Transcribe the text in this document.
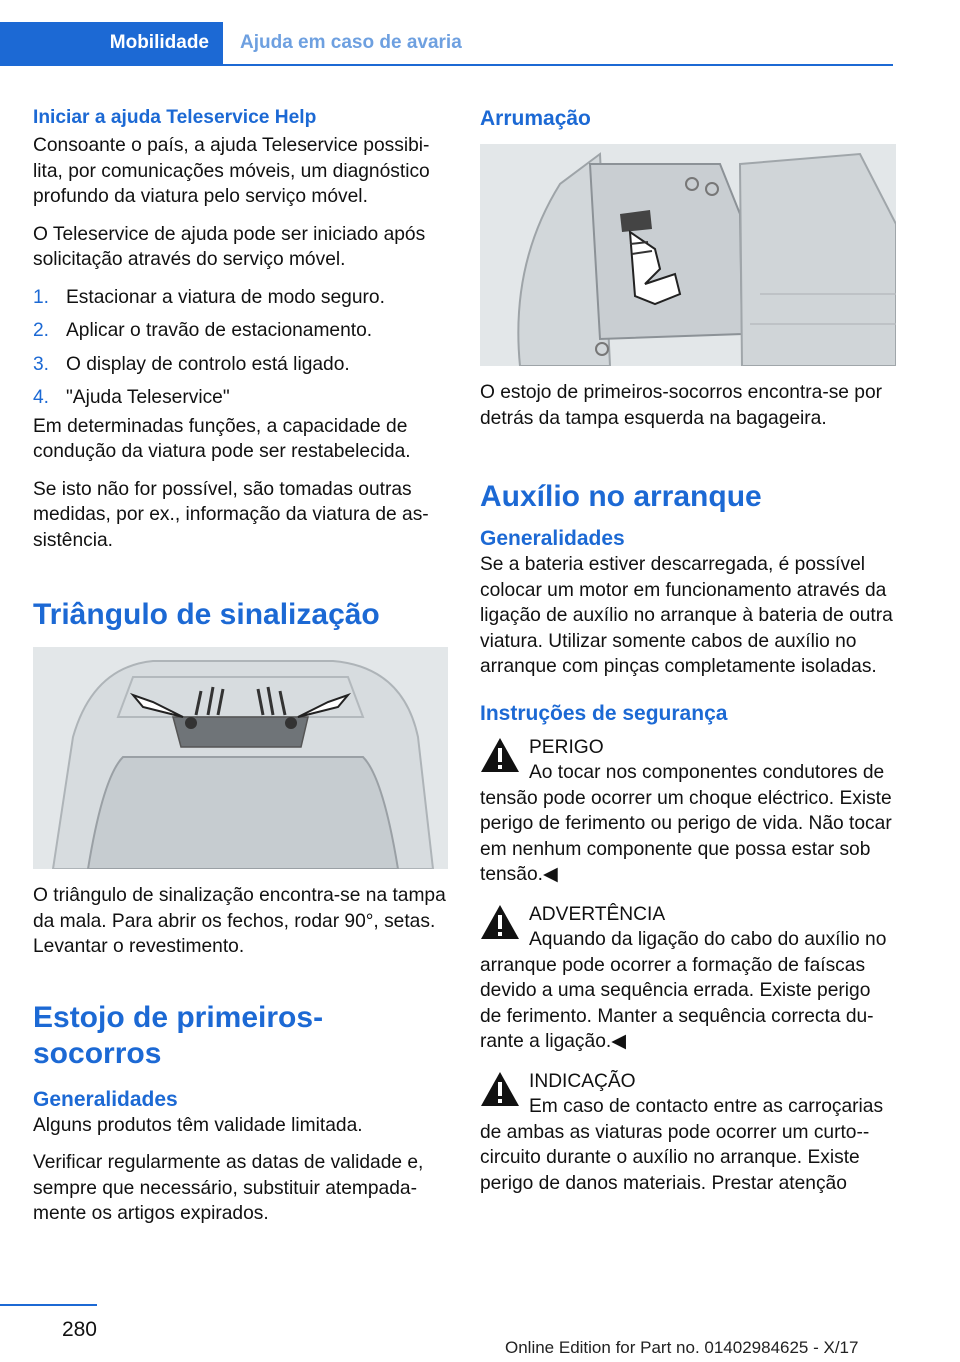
Mobilidade	Ajuda em caso de avaria
Iniciar a ajuda Teleservice Help

Consoante o país, a ajuda Teleservice possibilita, por comunicações móveis, um diagnóstico profundo da viatura pelo serviço móvel.

O Teleservice de ajuda pode ser iniciado após solicitação através do serviço móvel.

1. Estacionar a viatura de modo seguro.
2. Aplicar o travão de estacionamento.
3. O display de controlo está ligado.
4. "Ajuda Teleservice"

Em determinadas funções, a capacidade de condução da viatura pode ser restabelecida.

Se isto não for possível, são tomadas outras medidas, por ex., informação da viatura de assistência.

Triângulo de sinalização

O triângulo de sinalização encontra-se na tampa da mala. Para abrir os fechos, rodar 90°, setas. Levantar o revestimento.

Estojo de primeiros-socorros
Generalidades

Alguns produtos têm validade limitada.

Verificar regularmente as datas de validade e, sempre que necessário, substituir atempadamente os artigos expirados.

Arrumação

O estojo de primeiros-socorros encontra-se por detrás da tampa esquerda na bagageira.

Auxílio no arranque
Generalidades

Se a bateria estiver descarregada, é possível colocar um motor em funcionamento através da ligação de auxílio no arranque à bateria de outra viatura. Utilizar somente cabos de auxílio no arranque com pinças completamente isoladas.

Instruções de segurança
PERIGO
Ao tocar nos componentes condutores de tensão pode ocorrer um choque eléctrico. Existe perigo de ferimento ou perigo de vida. Não tocar em nenhum componente que possa estar sob tensão.◀
ADVERTÊNCIA
Aquando da ligação do cabo do auxílio no arranque pode ocorrer a formação de faíscas devido a uma sequência errada. Existe perigo de ferimento. Manter a sequência correcta durante a ligação.◀
INDICAÇÃO
Em caso de contacto entre as carroçarias de ambas as viaturas pode ocorrer um curto-circuito durante o auxílio no arranque. Existe perigo de danos materiais. Prestar atenção
280
Online Edition for Part no. 01402984625 - X/17
